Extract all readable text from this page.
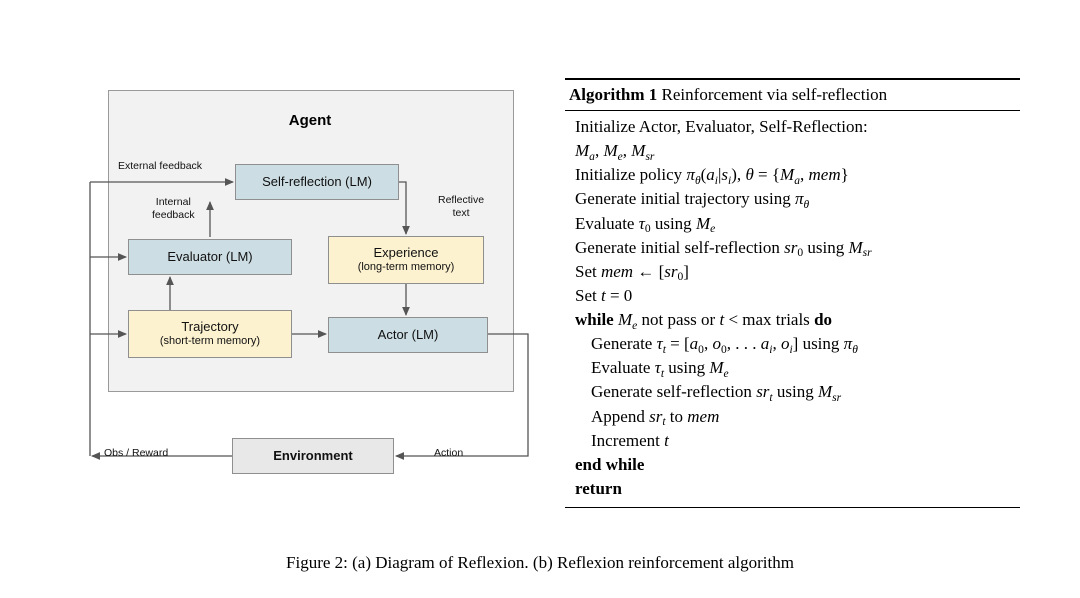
Agent
Self-reflection (LM)
Evaluator (LM)	Experience
(long-term memory)
Trajectory
(short-term memory)	Actor (LM)
Environment
External feedback
Internal
feedback
Reflective
text
Obs / Reward	Action
Algorithm 1 Reinforcement via self-reflection
Initialize Actor, Evaluator, Self-Reflection:
$M_a$, $M_e$, $M_{sr}$
Initialize policy $\pi_\theta(a_i|s_i)$, $\theta = \{M_a$, mem}
Generate initial trajectory using $\pi_\theta$
Evaluate $\tau_0$ using $M_e$
Generate initial self-reflection $sr_0$ using $M_{sr}$
Set mem ← $[sr_0]$
Set t = 0
while $M_e$ not pass or t < max trials do
Generate $\tau_t = [a_0$, $o_0$, . . . $a_i$, $o_i$] using $\pi_\theta$
Evaluate $\tau_t$ using $M_e$
Generate self-reflection $sr_t$ using $M_{sr}$
Append $sr_t$ to mem
Increment t
end while
return
Figure 2: (a) Diagram of Reflexion. (b) Reflexion reinforcement algorithm
